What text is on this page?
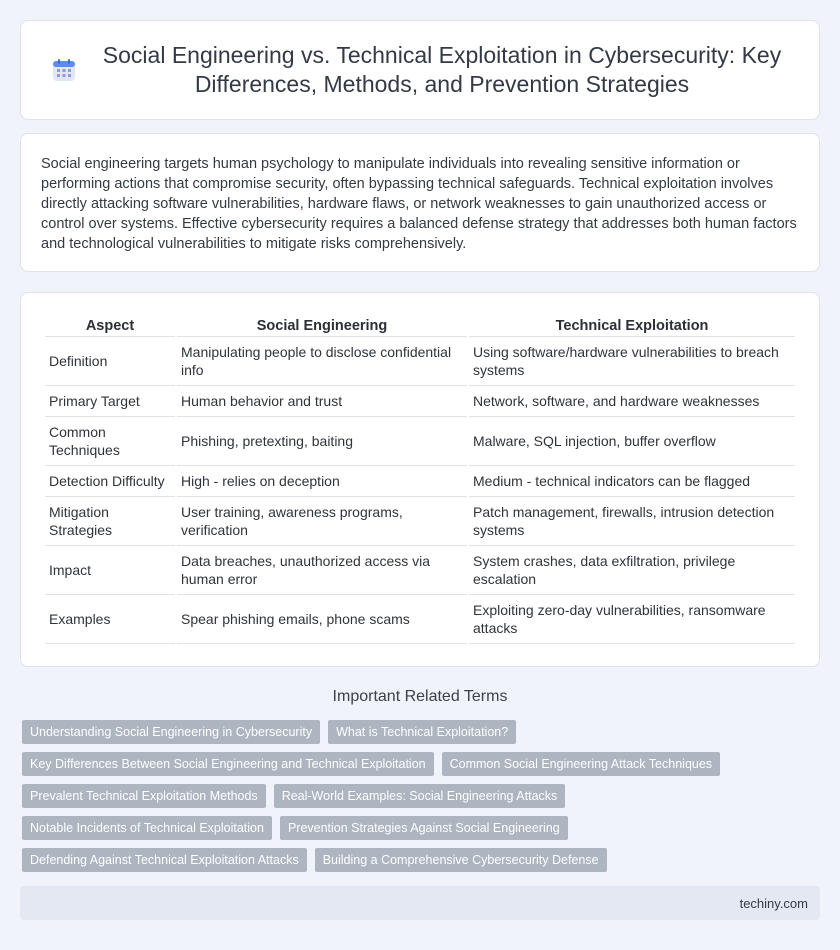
Social Engineering vs. Technical Exploitation in Cybersecurity: Key Differences, Methods, and Prevention Strategies

Social engineering targets human psychology to manipulate individuals into revealing sensitive information or performing actions that compromise security, often bypassing technical safeguards. Technical exploitation involves directly attacking software vulnerabilities, hardware flaws, or network weaknesses to gain unauthorized access or control over systems. Effective cybersecurity requires a balanced defense strategy that addresses both human factors and technological vulnerabilities to mitigate risks comprehensively.

Aspect	Social Engineering	Technical Exploitation
Definition	Manipulating people to disclose confidential info	Using software/hardware vulnerabilities to breach systems
Primary Target	Human behavior and trust	Network, software, and hardware weaknesses
Common Techniques	Phishing, pretexting, baiting	Malware, SQL injection, buffer overflow
Detection Difficulty	High - relies on deception	Medium - technical indicators can be flagged
Mitigation Strategies	User training, awareness programs, verification	Patch management, firewalls, intrusion detection systems
Impact	Data breaches, unauthorized access via human error	System crashes, data exfiltration, privilege escalation
Examples	Spear phishing emails, phone scams	Exploiting zero-day vulnerabilities, ransomware attacks
Important Related Terms
Understanding Social Engineering in Cybersecurity	What is Technical Exploitation?
Key Differences Between Social Engineering and Technical Exploitation	Common Social Engineering Attack Techniques
Prevalent Technical Exploitation Methods	Real-World Examples: Social Engineering Attacks
Notable Incidents of Technical Exploitation	Prevention Strategies Against Social Engineering
Defending Against Technical Exploitation Attacks	Building a Comprehensive Cybersecurity Defense
techiny.com
